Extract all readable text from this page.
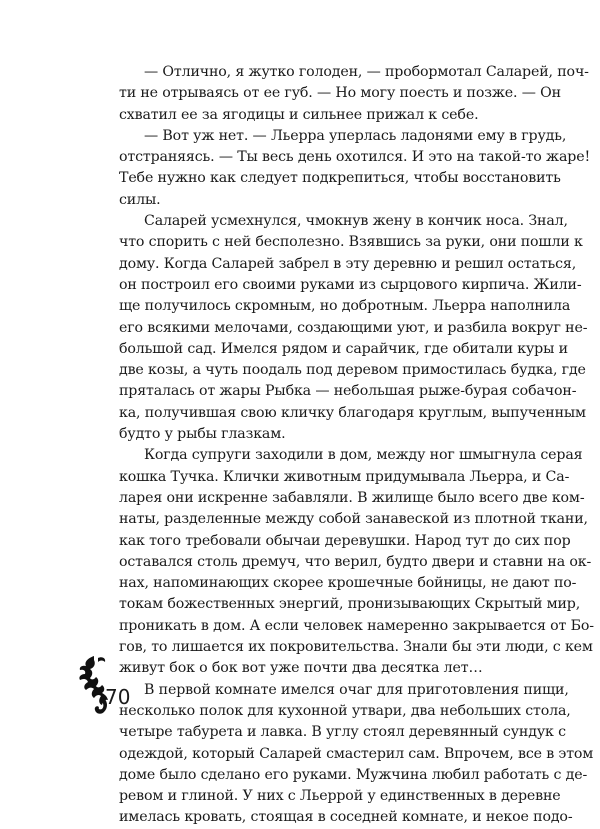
— Отлично, я жутко голоден, — пробормотал Саларей, поч-
ти не отрываясь от ее губ. — Но могу поесть и позже. — Он
схватил ее за ягодицы и сильнее прижал к себе.
— Вот уж нет. — Льерра уперлась ладонями ему в грудь,
отстраняясь. — Ты весь день охотился. И это на такой-то жаре!
Тебе нужно как следует подкрепиться, чтобы восстановить
силы.
Саларей усмехнулся, чмокнув жену в кончик носа. Знал,
что спорить с ней бесполезно. Взявшись за руки, они пошли к
дому. Когда Саларей забрел в эту деревню и решил остаться,
он построил его своими руками из сырцового кирпича. Жили-
ще получилось скромным, но добротным. Льерра наполнила
его всякими мелочами, создающими уют, и разбила вокруг не-
большой сад. Имелся рядом и сарайчик, где обитали куры и
две козы, а чуть поодаль под деревом примостилась будка, где
пряталась от жары Рыбка — небольшая рыже-бурая собачон-
ка, получившая свою кличку благодаря круглым, выпученным
будто у рыбы глазкам.
Когда супруги заходили в дом, между ног шмыгнула серая
кошка Тучка. Клички животным придумывала Льерра, и Са-
ларея они искренне забавляли. В жилище было всего две ком-
наты, разделенные между собой занавеской из плотной ткани,
как того требовали обычаи деревушки. Народ тут до сих пор
оставался столь дремуч, что верил, будто двери и ставни на ок-
нах, напоминающих скорее крошечные бойницы, не дают по-
токам божественных энергий, пронизывающих Скрытый мир,
проникать в дом. А если человек намеренно закрывается от Бо-
гов, то лишается их покровительства. Знали бы эти люди, с кем
живут бок о бок вот уже почти два десятка лет…
В первой комнате имелся очаг для приготовления пищи,
несколько полок для кухонной утвари, два небольших стола,
четыре табурета и лавка. В углу стоял деревянный сундук с
одеждой, который Саларей смастерил сам. Впрочем, все в этом
доме было сделано его руками. Мужчина любил работать с де-
ревом и глиной. У них с Льеррой у единственных в деревне
имелась кровать, стоящая в соседней комнате, и некое подо-
70
